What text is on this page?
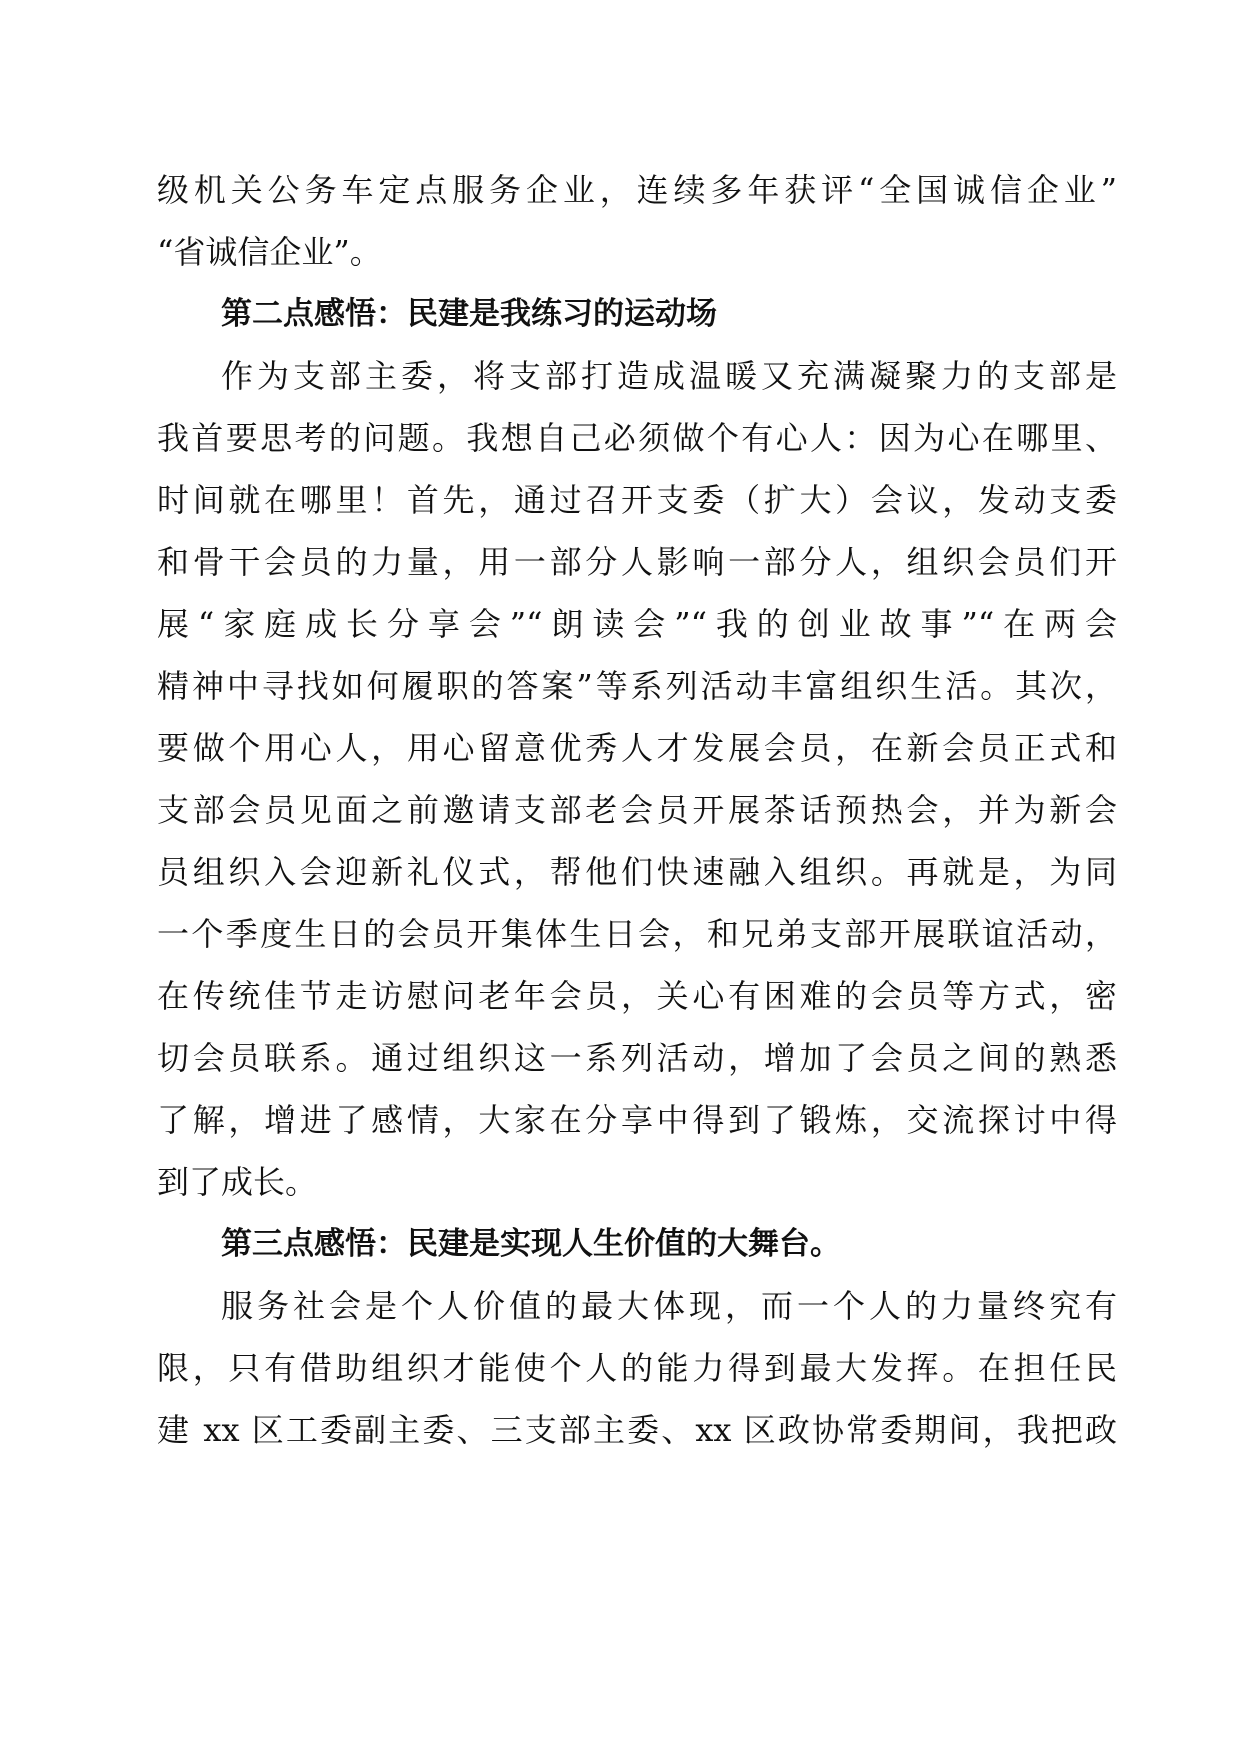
级机关公务车定点服务企业，连续多年获评“全国诚信企业”
“省诚信企业”。
第二点感悟：民建是我练习的运动场
作为支部主委，将支部打造成温暖又充满凝聚力的支部是
我首要思考的问题。我想自己必须做个有心人：因为心在哪里、
时间就在哪里！首先，通过召开支委（扩大）会议，发动支委
和骨干会员的力量，用一部分人影响一部分人，组织会员们开
展“家庭成长分享会”“朗读会”“我的创业故事”“在两会
精神中寻找如何履职的答案”等系列活动丰富组织生活。其次，
要做个用心人，用心留意优秀人才发展会员，在新会员正式和
支部会员见面之前邀请支部老会员开展茶话预热会，并为新会
员组织入会迎新礼仪式，帮他们快速融入组织。再就是，为同
一个季度生日的会员开集体生日会，和兄弟支部开展联谊活动，
在传统佳节走访慰问老年会员，关心有困难的会员等方式，密
切会员联系。通过组织这一系列活动，增加了会员之间的熟悉
了解，增进了感情，大家在分享中得到了锻炼，交流探讨中得
到了成长。
第三点感悟：民建是实现人生价值的大舞台。
服务社会是个人价值的最大体现，而一个人的力量终究有
限，只有借助组织才能使个人的能力得到最大发挥。在担任民
建 xx 区工委副主委、三支部主委、xx 区政协常委期间，我把政
